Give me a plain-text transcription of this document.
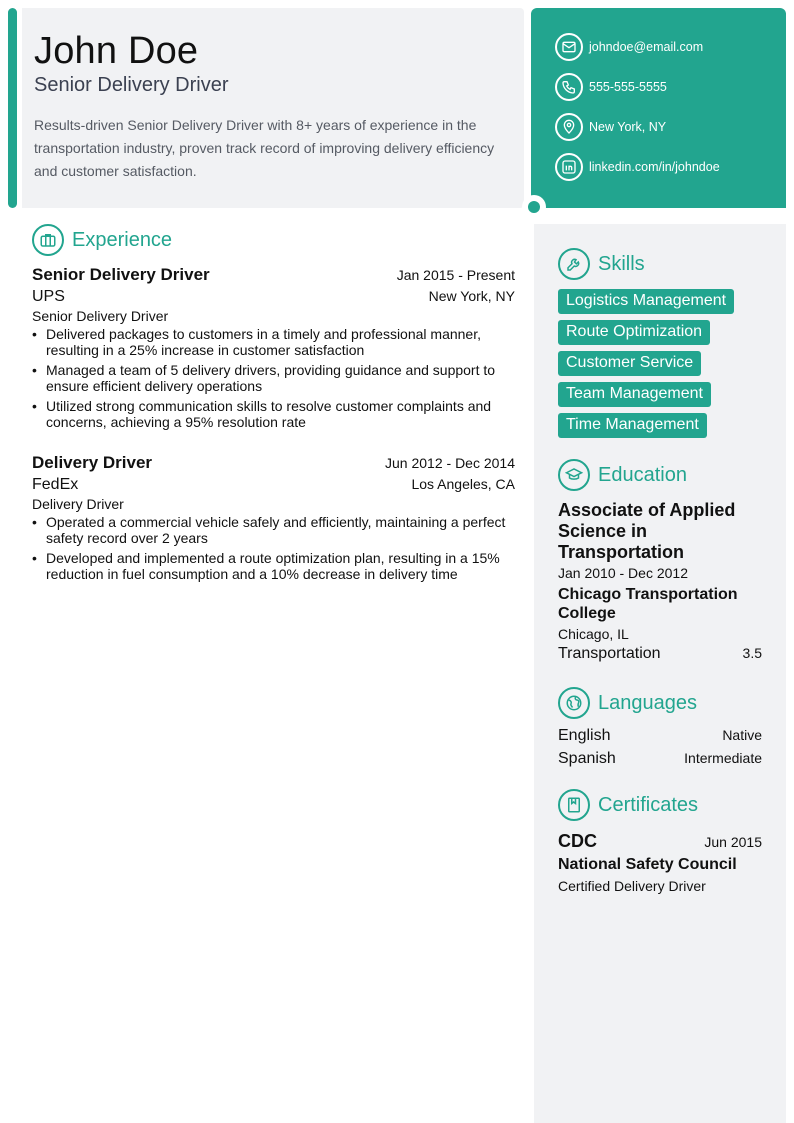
John Doe
Senior Delivery Driver

Results-driven Senior Delivery Driver with 8+ years of experience in the transportation industry, proven track record of improving delivery efficiency and customer satisfaction.

johndoe@email.com
555-555-5555
New York, NY
linkedin.com/in/johndoe
Skills
Logistics Management
Route Optimization
Customer Service
Team Management
Time Management
Education
Associate of Applied Science in Transportation
Jan 2010 - Dec 2012
Chicago Transportation College
Chicago, IL
Transportation	3.5
Languages
English	Native
Spanish	Intermediate
Certificates
CDC	Jun 2015
National Safety Council
Certified Delivery Driver
Experience
Senior Delivery Driver	Jan 2015 - Present
UPS	New York, NY
Senior Delivery Driver
• Delivered packages to customers in a timely and professional manner, resulting in a 25% increase in customer satisfaction
• Managed a team of 5 delivery drivers, providing guidance and support to ensure efficient delivery operations
• Utilized strong communication skills to resolve customer complaints and concerns, achieving a 95% resolution rate
Delivery Driver	Jun 2012 - Dec 2014
FedEx	Los Angeles, CA
Delivery Driver
• Operated a commercial vehicle safely and efficiently, maintaining a perfect safety record over 2 years
• Developed and implemented a route optimization plan, resulting in a 15% reduction in fuel consumption and a 10% decrease in delivery time
